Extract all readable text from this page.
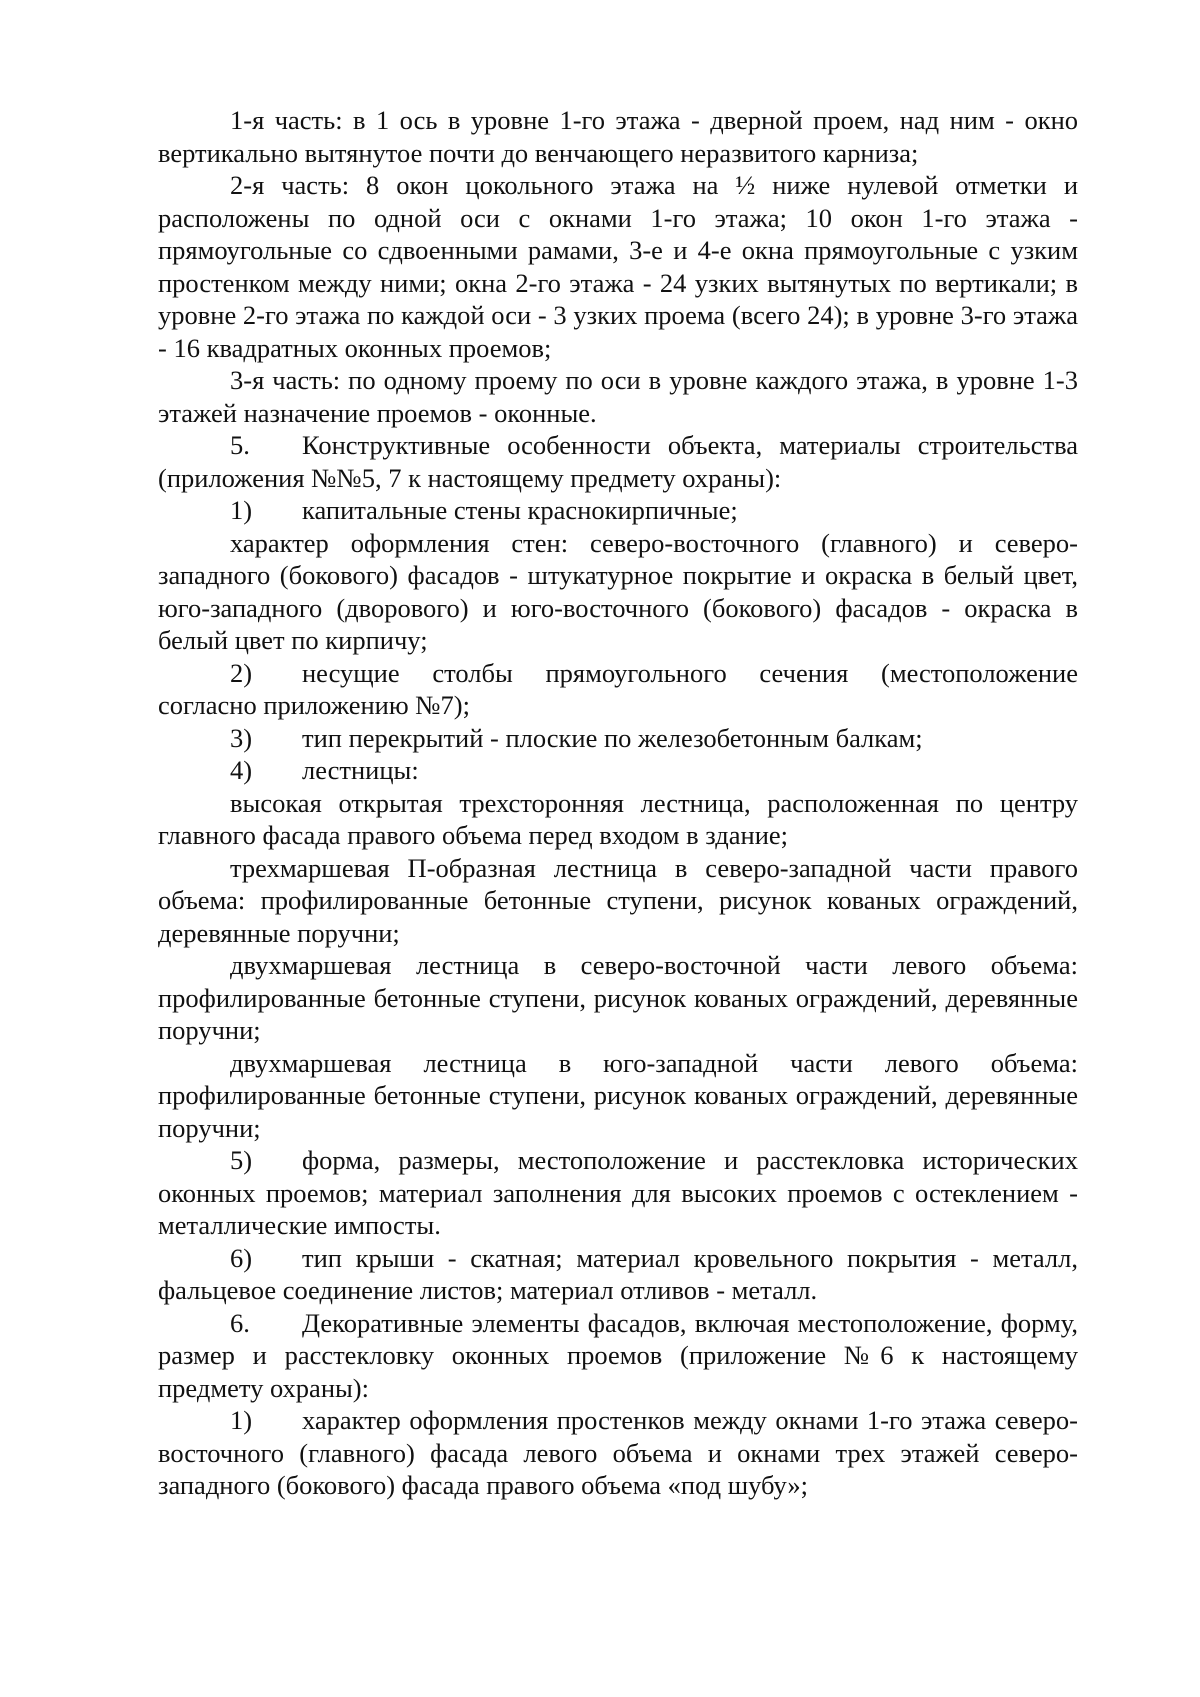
1-я часть: в 1 ось в уровне 1-го этажа - дверной проем, над ним - окно вертикально вытянутое почти до венчающего неразвитого карниза;

2-я часть: 8 окон цокольного этажа на ½ ниже нулевой отметки и расположены по одной оси с окнами 1-го этажа; 10 окон 1-го этажа - прямоугольные со сдвоенными рамами, 3-е и 4-е окна прямоугольные с узким простенком между ними; окна 2-го этажа - 24 узких вытянутых по вертикали; в уровне 2-го этажа по каждой оси - 3 узких проема (всего 24); в уровне 3-го этажа - 16 квадратных оконных проемов;

3-я часть: по одному проему по оси в уровне каждого этажа, в уровне 1-3 этажей назначение проемов - оконные.

5. Конструктивные особенности объекта, материалы строительства (приложения №№5, 7 к настоящему предмету охраны):

1) капитальные стены краснокирпичные;

характер оформления стен: северо-восточного (главного) и северо-западного (бокового) фасадов - штукатурное покрытие и окраска в белый цвет, юго-западного (дворового) и юго-восточного (бокового) фасадов - окраска в белый цвет по кирпичу;

2) несущие столбы прямоугольного сечения (местоположение согласно приложению №7);

3) тип перекрытий - плоские по железобетонным балкам;

4) лестницы:

высокая открытая трехсторонняя лестница, расположенная по центру главного фасада правого объема перед входом в здание;

трехмаршевая П-образная лестница в северо-западной части правого объема: профилированные бетонные ступени, рисунок кованых ограждений, деревянные поручни;

двухмаршевая лестница в северо-восточной части левого объема: профилированные бетонные ступени, рисунок кованых ограждений, деревянные поручни;

двухмаршевая лестница в юго-западной части левого объема: профилированные бетонные ступени, рисунок кованых ограждений, деревянные поручни;

5) форма, размеры, местоположение и расстекловка исторических оконных проемов; материал заполнения для высоких проемов с остеклением - металлические импосты.

6) тип крыши - скатная; материал кровельного покрытия - металл, фальцевое соединение листов; материал отливов - металл.

6. Декоративные элементы фасадов, включая местоположение, форму, размер и расстекловку оконных проемов (приложение №6 к настоящему предмету охраны):

1) характер оформления простенков между окнами 1-го этажа северо-восточного (главного) фасада левого объема и окнами трех этажей северо-западного (бокового) фасада правого объема «под шубу»;
